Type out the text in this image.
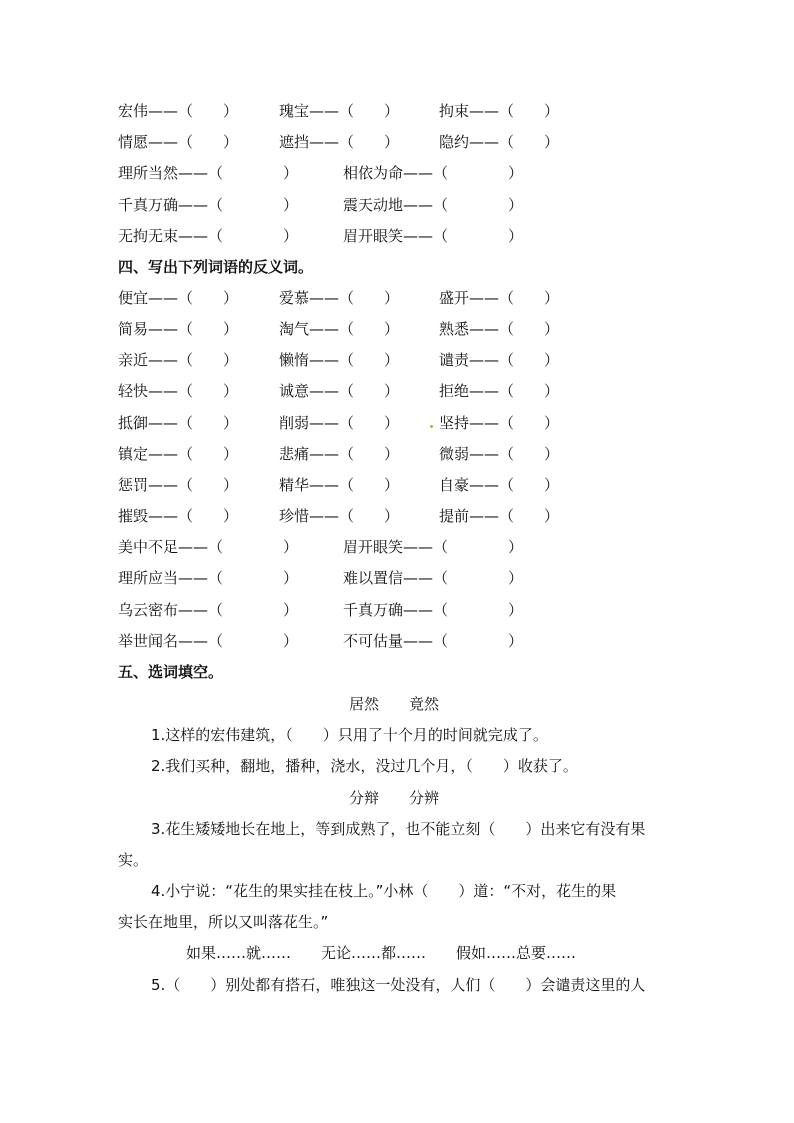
宏伟——（　　）	瑰宝——（　　）	拘束——（　　）
情愿——（　　）	遮挡——（　　）	隐约——（　　）
理所当然——（　　　　）	相依为命——（　　　　）
千真万确——（　　　　）	震天动地——（　　　　）
无拘无束——（　　　　）	眉开眼笑——（　　　　）
四、写出下列词语的反义词。
便宜——（　　）	爱慕——（　　）	盛开——（　　）
简易——（　　）	淘气——（　　）	熟悉——（　　）
亲近——（　　）	懒惰——（　　）	谴责——（　　）
轻快——（　　）	诚意——（　　）	拒绝——（　　）
抵御——（　　）	削弱——（　　）	坚持——（　　）
镇定——（　　）	悲痛——（　　）	微弱——（　　）
惩罚——（　　）	精华——（　　）	自豪——（　　）
摧毁——（　　）	珍惜——（　　）	提前——（　　）
美中不足——（　　　　）	眉开眼笑——（　　　　）
理所应当——（　　　　）	难以置信——（　　　　）
乌云密布——（　　　　）	千真万确——（　　　　）
举世闻名——（　　　　）	不可估量——（　　　　）
五、选词填空。
居然　　竟然
1.这样的宏伟建筑，（　　）只用了十个月的时间就完成了。
2.我们买种，翻地，播种，浇水，没过几个月，（　　）收获了。
分辩　　分辨
3.花生矮矮地长在地上，等到成熟了，也不能立刻（　　）出来它有没有果
实。
4.小宁说：“花生的果实挂在枝上。”小林（　　）道：“不对，花生的果
实长在地里，所以又叫落花生。”
如果……就……　　无论……都……　　假如……总要……
5.（　　）别处都有搭石，唯独这一处没有，人们（　　）会谴责这里的人
